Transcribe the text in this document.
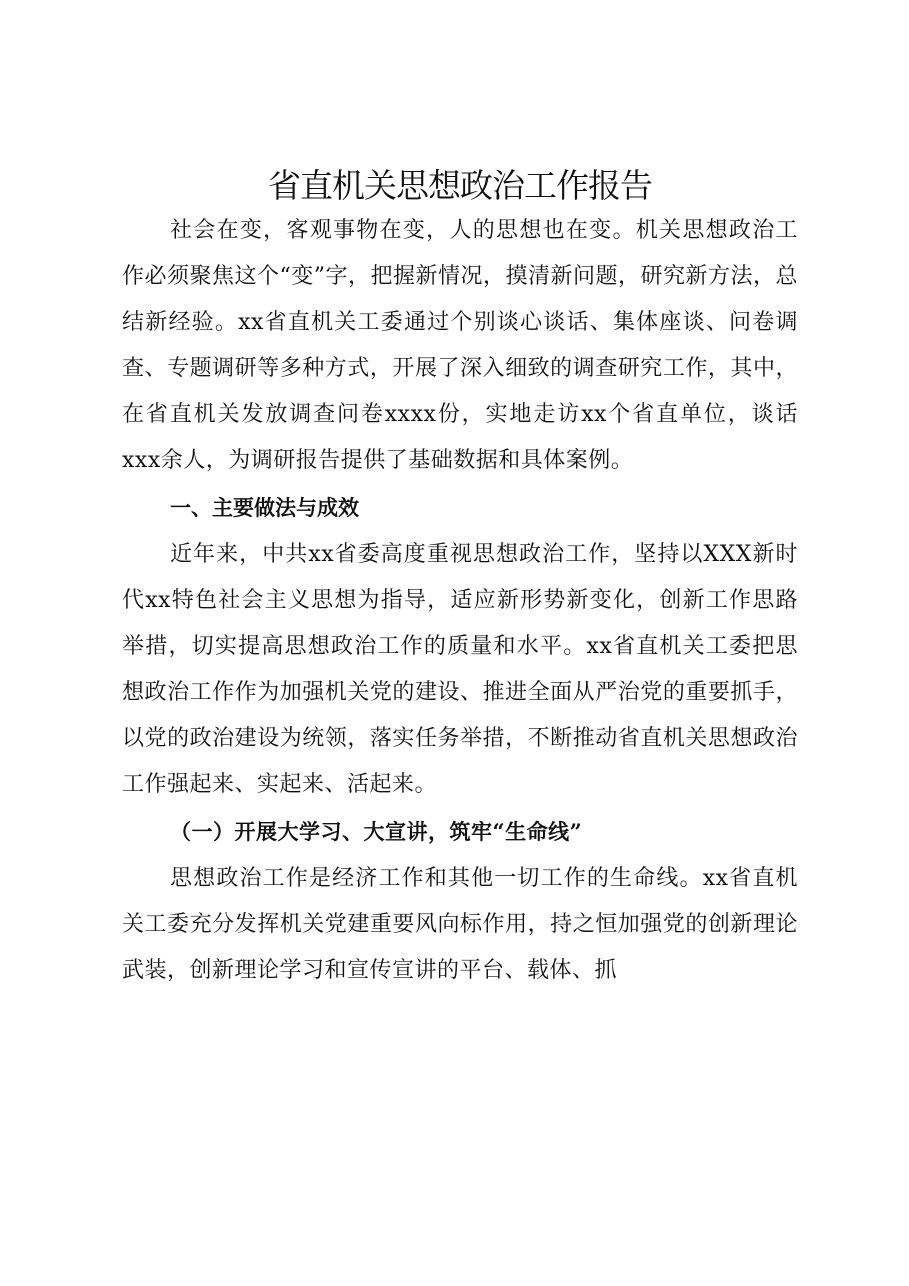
省直机关思想政治工作报告

社会在变，客观事物在变，人的思想也在变。机关思想政治工作必须聚焦这个“变”字，把握新情况，摸清新问题，研究新方法，总结新经验。xx省直机关工委通过个别谈心谈话、集体座谈、问卷调查、专题调研等多种方式，开展了深入细致的调查研究工作，其中，在省直机关发放调查问卷xxxx份，实地走访xx个省直单位，谈话xxx余人，为调研报告提供了基础数据和具体案例。

一、主要做法与成效

近年来，中共xx省委高度重视思想政治工作，坚持以XXX新时代xx特色社会主义思想为指导，适应新形势新变化，创新工作思路举措，切实提高思想政治工作的质量和水平。xx省直机关工委把思想政治工作作为加强机关党的建设、推进全面从严治党的重要抓手，以党的政治建设为统领，落实任务举措，不断推动省直机关思想政治工作强起来、实起来、活起来。

（一）开展大学习、大宣讲，筑牢“生命线”

思想政治工作是经济工作和其他一切工作的生命线。xx省直机关工委充分发挥机关党建重要风向标作用，持之恒加强党的创新理论武装，创新理论学习和宣传宣讲的平台、载体、抓
